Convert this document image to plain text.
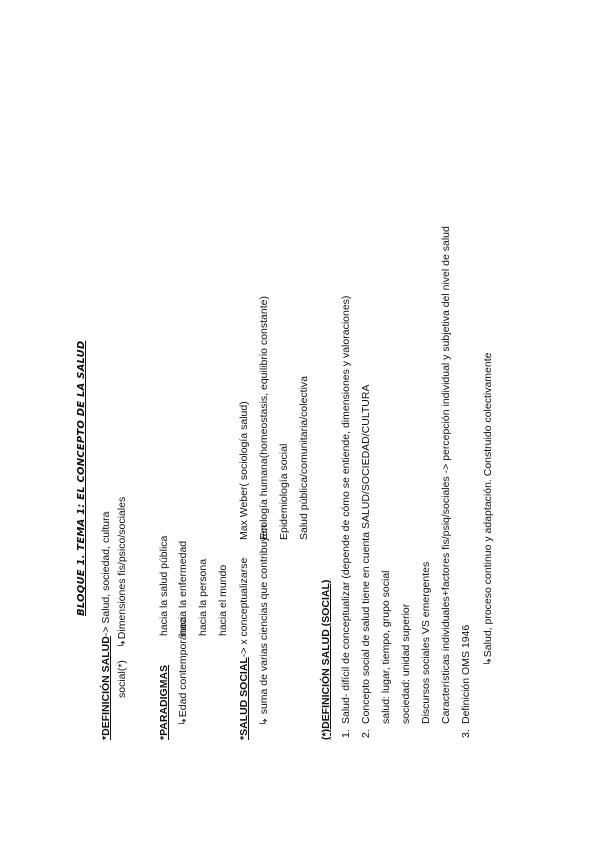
BLOQUE 1. TEMA 1: EL CONCEPTO DE LA SALUD
*DEFINICIÓN SALUD-> Salud, sociedad, cultura
social(*)
↳Dimensiones fis/psico/sociales
*PARADIGMAS
hacia la salud pública
↳Edad contemporánea
hacia la enfermedad hacia la persona hacia el mundo
*SALUD SOCIAL-> x conceptualizarse
Max Weber( sociología salud)
↳ suma de varias ciencias que contribuyen
Ecología humana(homeostasis, equilibrio constante) Epidemiología social Salud pública/comunitaria/colectiva
(*)DEFINICIÓN SALUD (SOCIAL) 1.
Salud- difícil de conceptualizar (depende de cómo se entiende, dimensiones y valoraciones)
2.
Concepto social de salud tiene en cuenta SALUD/SOCIEDAD/CULTURA salud: lugar, tiempo, grupo social sociedad: unidad superior Discursos sociales VS emergentes Características individuales+factores fis/psiq/sociales -> percepción individual y subjetiva del nivel de salud
3.
Definición OMS 1946
↳Salud, proceso continuo y adaptación. Construido colectivamente
